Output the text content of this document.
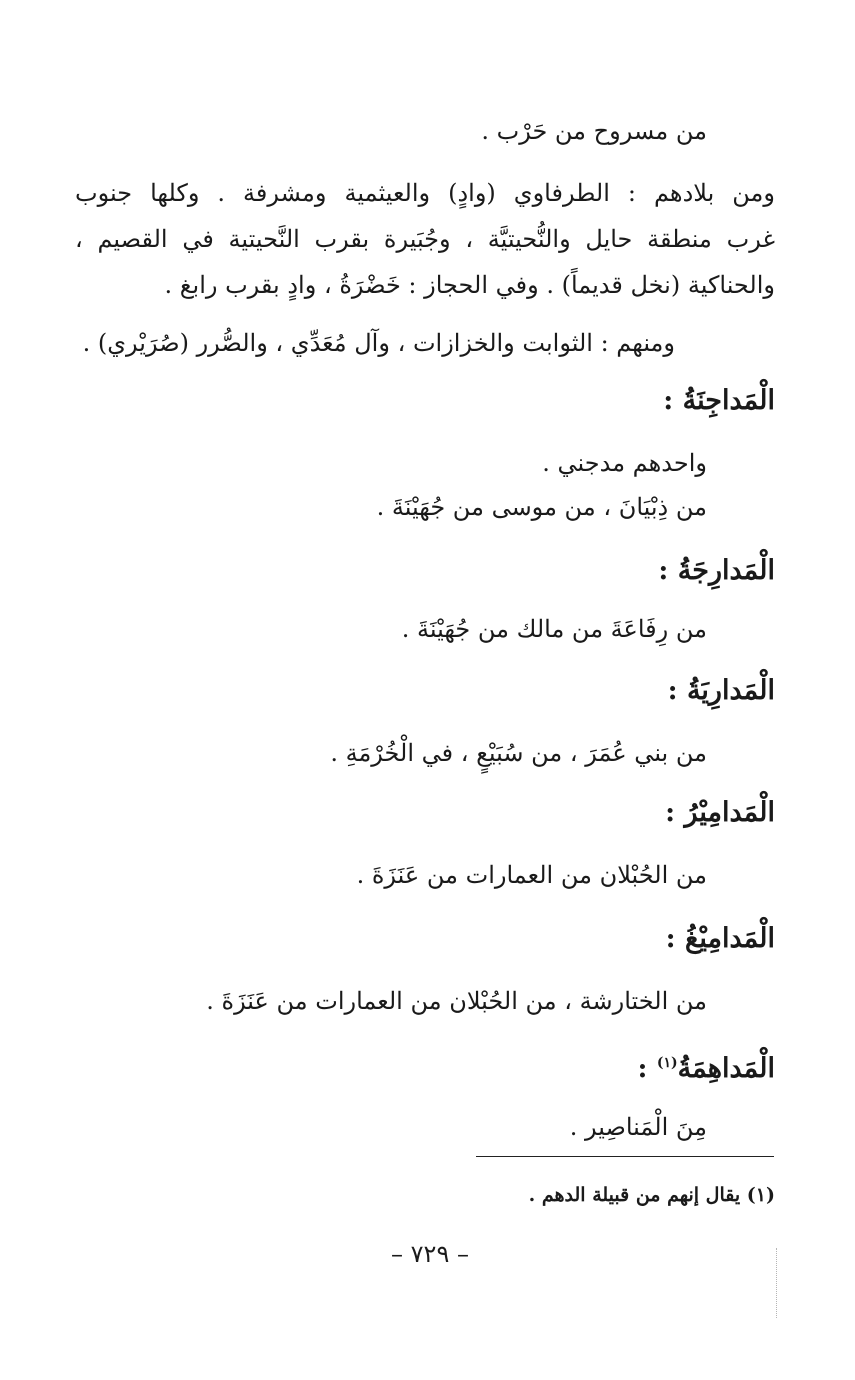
من مسروح من حَرْب .
ومن بلادهم : الطرفاوي (وادٍ) والعيثمية ومشرفة . وكلها جنوب
غرب منطقة حايل والنُّحيتيَّة ، وجُبَيرة بقرب النَّحيتية في القصيم ،
والحناكية (نخل قديماً) . وفي الحجاز : خَضْرَةُ ، وادٍ بقرب رابغ .
ومنهم : الثوابت والخزازات ، وآل مُعَدِّي ، والصُّرر (صُرَيْري) .
الْمَداجِنَةُ :
واحدهم مدجني .
من ذِبْيَانَ ، من موسى من جُهَيْنَةَ .
الْمَدارِجَةُ :
من رِفَاعَةَ من مالك من جُهَيْنَةَ .
الْمَدارِيَةُ :
من بني عُمَرَ ، من سُبَيْعٍ ، في الْخُرْمَةِ .
الْمَدامِيْرُ :
من الحُبْلان من العمارات من عَنَزَةَ .
الْمَدامِيْغُ :
من الختارشة ، من الحُبْلان من العمارات من عَنَزَةَ .
الْمَداهِمَةُ$^{(١)}$ :
مِنَ الْمَناصِير .
(١) يقال إنهم من قبيلة الدهم .
– ٧٢٩ –
